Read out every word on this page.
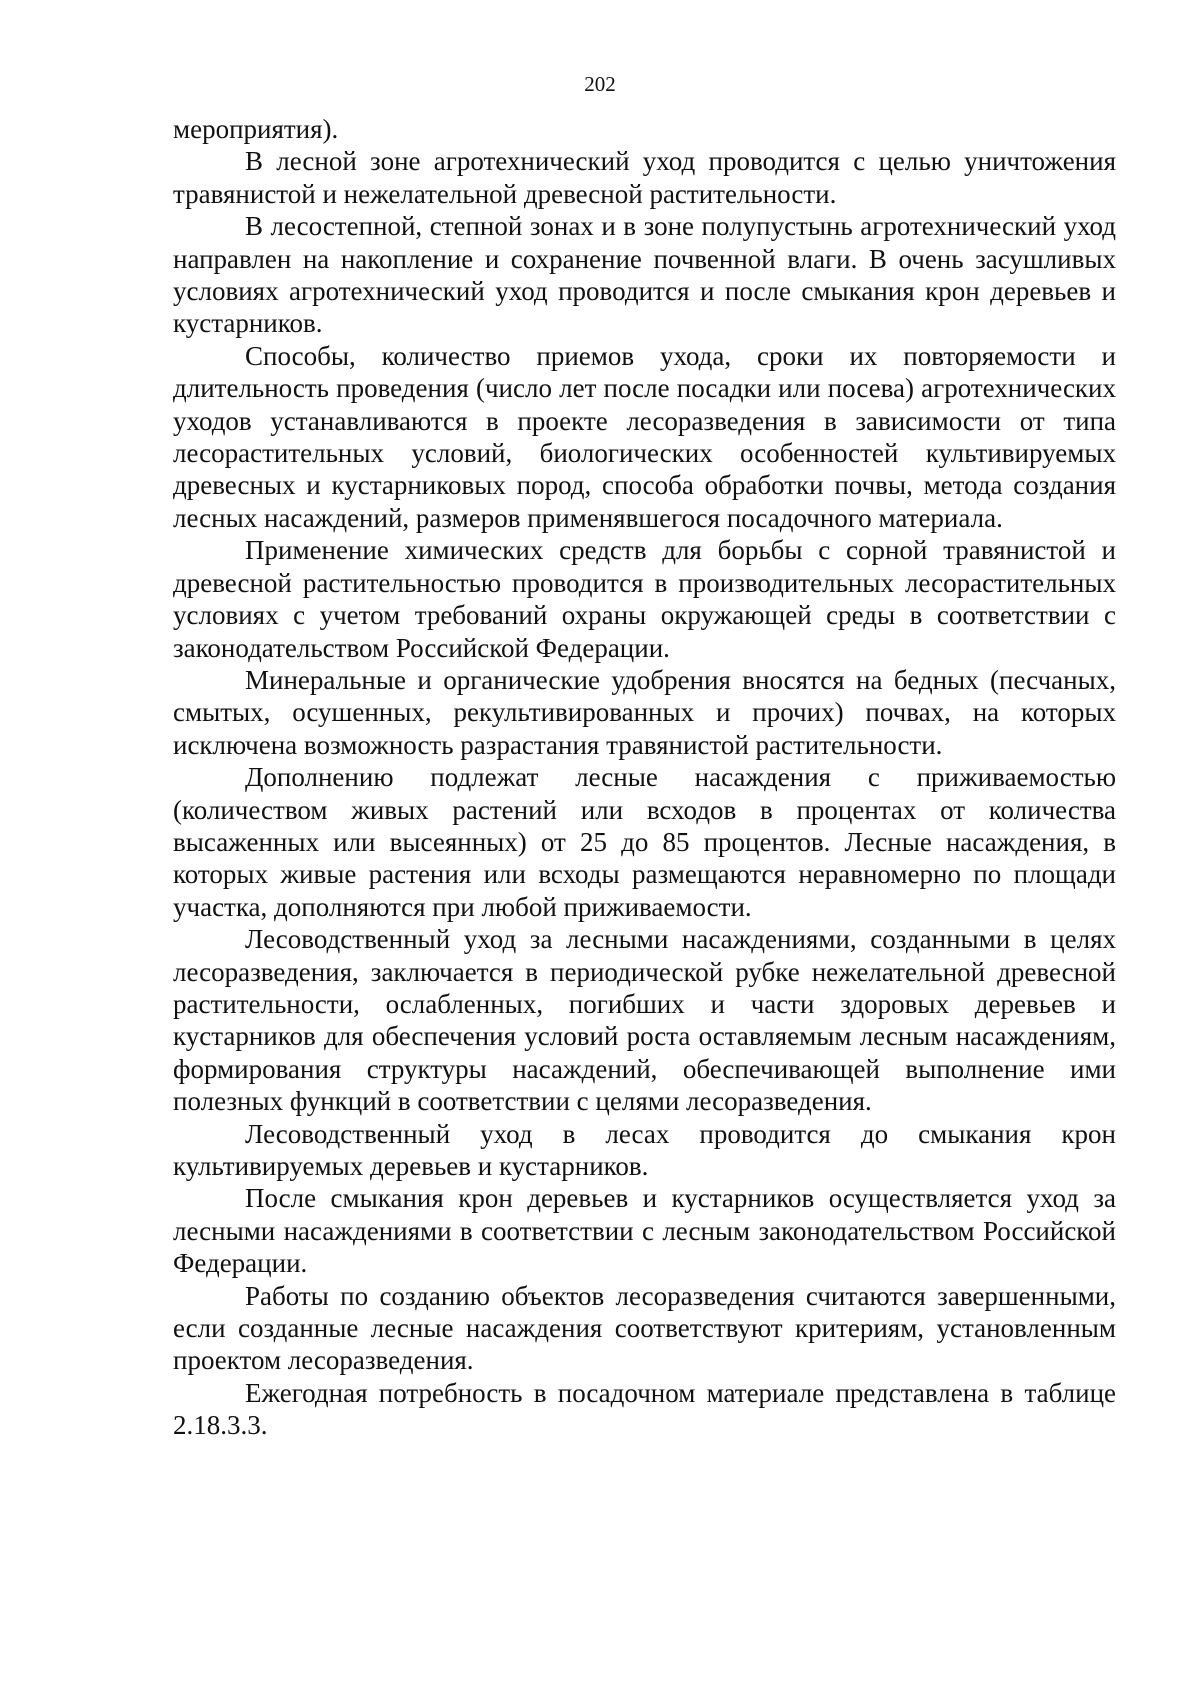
202

мероприятия).

В лесной зоне агротехнический уход проводится с целью уничтожения травянистой и нежелательной древесной растительности.

В лесостепной, степной зонах и в зоне полупустынь агротехнический уход направлен на накопление и сохранение почвенной влаги. В очень засушливых условиях агротехнический уход проводится и после смыкания крон деревьев и кустарников.

Способы, количество приемов ухода, сроки их повторяемости и длительность проведения (число лет после посадки или посева) агротехнических уходов устанавливаются в проекте лесоразведения в зависимости от типа лесорастительных условий, биологических особенностей культивируемых древесных и кустарниковых пород, способа обработки почвы, метода создания лесных насаждений, размеров применявшегося посадочного материала.

Применение химических средств для борьбы с сорной травянистой и древесной растительностью проводится в производительных лесорастительных условиях с учетом требований охраны окружающей среды в соответствии с законодательством Российской Федерации.

Минеральные и органические удобрения вносятся на бедных (песчаных, смытых, осушенных, рекультивированных и прочих) почвах, на которых исключена возможность разрастания травянистой растительности.

Дополнению подлежат лесные насаждения с приживаемостью (количеством живых растений или всходов в процентах от количества высаженных или высеянных) от 25 до 85 процентов. Лесные насаждения, в которых живые растения или всходы размещаются неравномерно по площади участка, дополняются при любой приживаемости.

Лесоводственный уход за лесными насаждениями, созданными в целях лесоразведения, заключается в периодической рубке нежелательной древесной растительности, ослабленных, погибших и части здоровых деревьев и кустарников для обеспечения условий роста оставляемым лесным насаждениям, формирования структуры насаждений, обеспечивающей выполнение ими полезных функций в соответствии с целями лесоразведения.

Лесоводственный уход в лесах проводится до смыкания крон культивируемых деревьев и кустарников.

После смыкания крон деревьев и кустарников осуществляется уход за лесными насаждениями в соответствии с лесным законодательством Российской Федерации.

Работы по созданию объектов лесоразведения считаются завершенными, если созданные лесные насаждения соответствуют критериям, установленным проектом лесоразведения.

Ежегодная потребность в посадочном материале представлена в таблице 2.18.3.3.
